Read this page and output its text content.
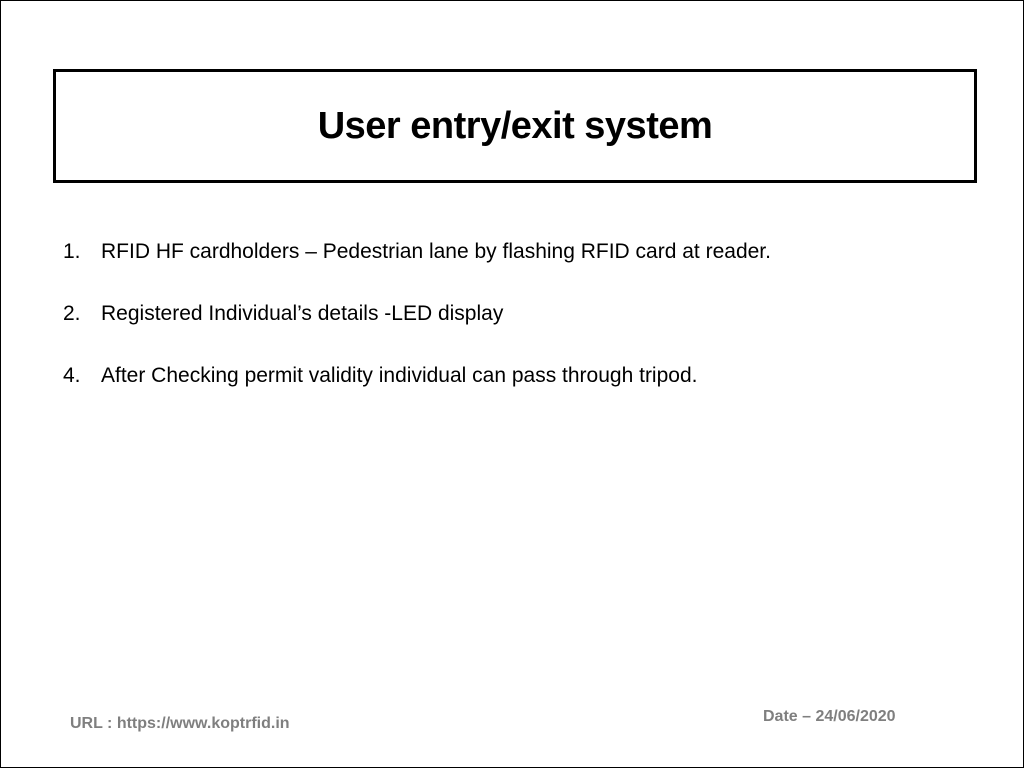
User entry/exit system
1. RFID HF cardholders – Pedestrian lane by flashing RFID card at reader.
2. Registered Individual’s details -LED display
4. After Checking permit validity individual can pass through tripod.
URL : https://www.koptrfid.in	Date – 24/06/2020
